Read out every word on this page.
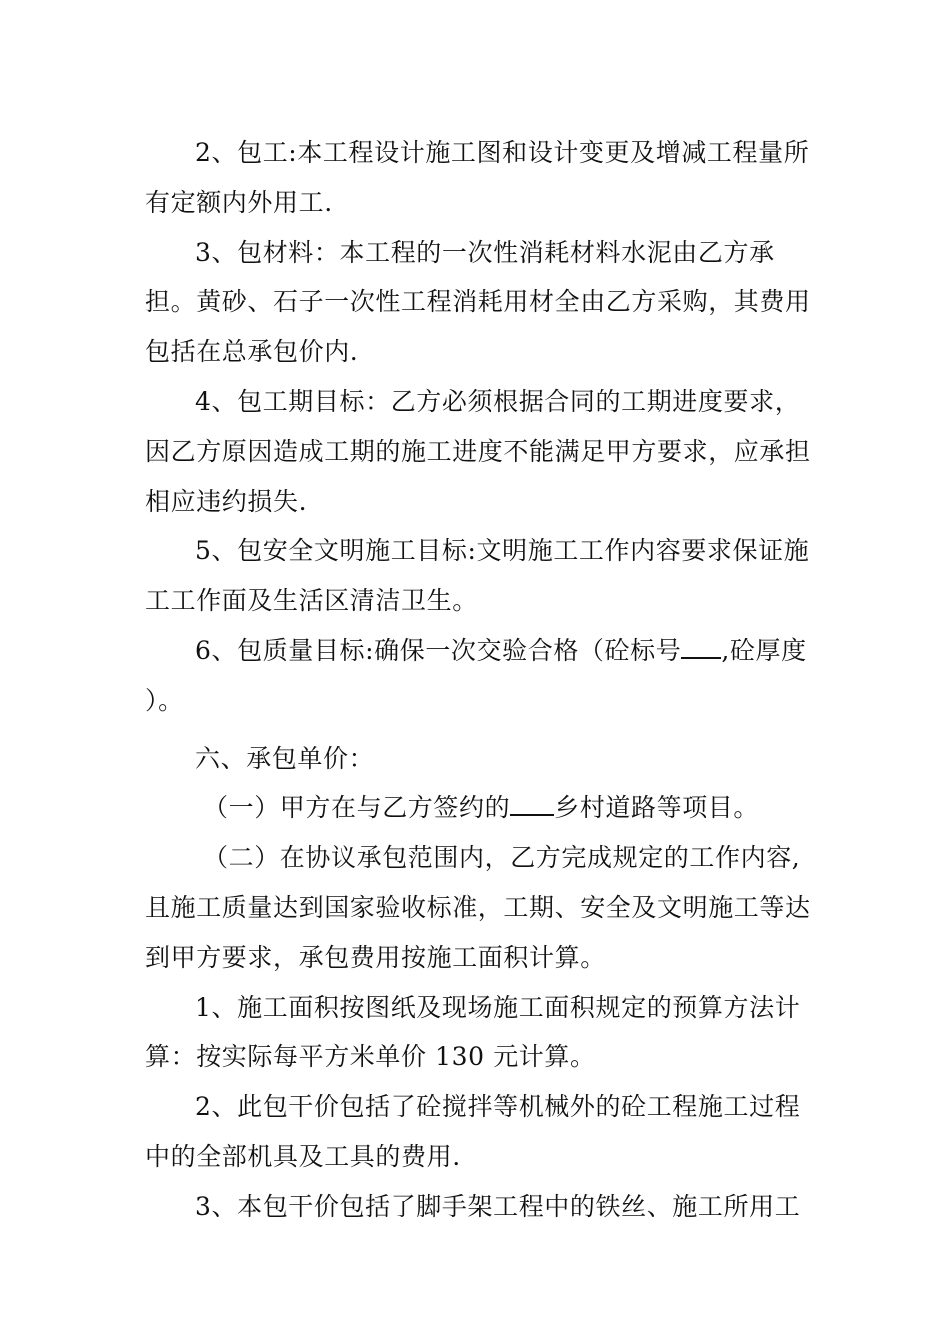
2、包工:本工程设计施工图和设计变更及增减工程量所有定额内外用工.

3、包材料：本工程的一次性消耗材料水泥由乙方承担。黄砂、石子一次性工程消耗用材全由乙方采购，其费用包括在总承包价内.

4、包工期目标：乙方必须根据合同的工期进度要求，因乙方原因造成工期的施工进度不能满足甲方要求，应承担相应违约损失.

5、包安全文明施工目标:文明施工工作内容要求保证施工工作面及生活区清洁卫生。

6、包质量目标:确保一次交验合格（砼标号 ,砼厚度
）。

六、承包单价：

（一）甲方在与乙方签约的 乡村道路等项目。

（二）在协议承包范围内，乙方完成规定的工作内容,且施工质量达到国家验收标准，工期、安全及文明施工等达到甲方要求，承包费用按施工面积计算。

1、施工面积按图纸及现场施工面积规定的预算方法计算：按实际每平方米单价 130 元计算。

2、此包干价包括了砼搅拌等机械外的砼工程施工过程中的全部机具及工具的费用.

3、本包干价包括了脚手架工程中的铁丝、施工所用工
